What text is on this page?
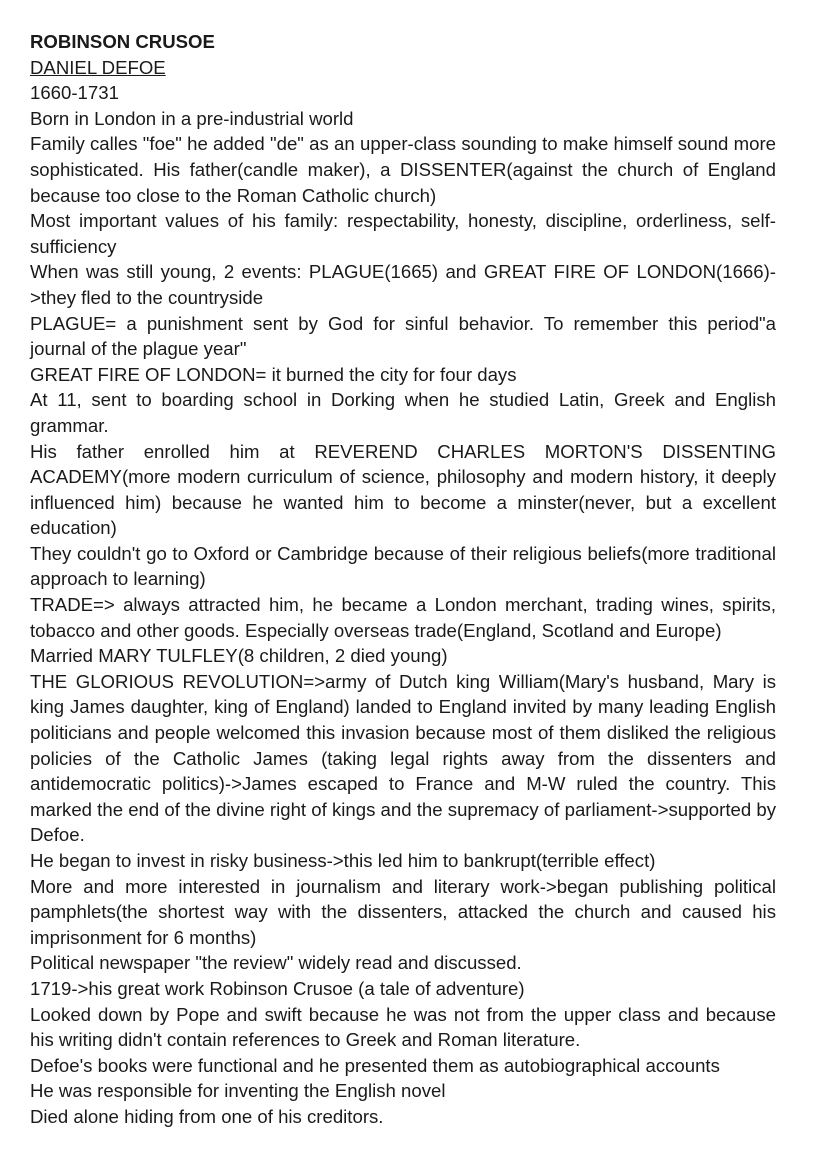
ROBINSON CRUSOE

DANIEL DEFOE

1660-1731

Born in London in a pre-industrial world

Family calles "foe" he added "de" as an upper-class sounding to make himself sound more sophisticated. His father(candle maker), a DISSENTER(against the church of England because too close to the Roman Catholic church)

Most important values of his family: respectability, honesty, discipline, orderliness, self-sufficiency

When was still young, 2 events: PLAGUE(1665) and GREAT FIRE OF LONDON(1666)->they fled to the countryside

PLAGUE= a punishment sent by God for sinful behavior. To remember this period"a journal of the plague year"

GREAT FIRE OF LONDON= it burned the city for four days

At 11, sent to boarding school in Dorking when he studied Latin, Greek and English grammar.

His father enrolled him at REVEREND CHARLES MORTON'S DISSENTING ACADEMY(more modern curriculum of science, philosophy and modern history, it deeply influenced him) because he wanted him to become a minster(never, but a excellent education)

They couldn't go to Oxford or Cambridge because of their religious beliefs(more traditional approach to learning)

TRADE=> always attracted him, he became a London merchant, trading wines, spirits, tobacco and other goods. Especially overseas trade(England, Scotland and Europe)

Married MARY TULFLEY(8 children, 2 died young)

THE GLORIOUS REVOLUTION=>army of Dutch king William(Mary's husband, Mary is king James daughter, king of England) landed to England invited by many leading English politicians and people welcomed this invasion because most of them disliked the religious policies of the Catholic James (taking legal rights away from the dissenters and antidemocratic politics)->James escaped to France and M-W ruled the country. This marked the end of the divine right of kings and the supremacy of parliament->supported by Defoe.

He began to invest in risky business->this led him to bankrupt(terrible effect)

More and more interested in journalism and literary work->began publishing political pamphlets(the shortest way with the dissenters, attacked the church and caused his imprisonment for 6 months)

Political newspaper "the review" widely read and discussed.

1719->his great work Robinson Crusoe (a tale of adventure)

Looked down by Pope and swift because he was not from the upper class and because his writing didn't contain references to Greek and Roman literature.

Defoe's books were functional and he presented them as autobiographical accounts

He was responsible for inventing the English novel

Died alone hiding from one of his creditors.
